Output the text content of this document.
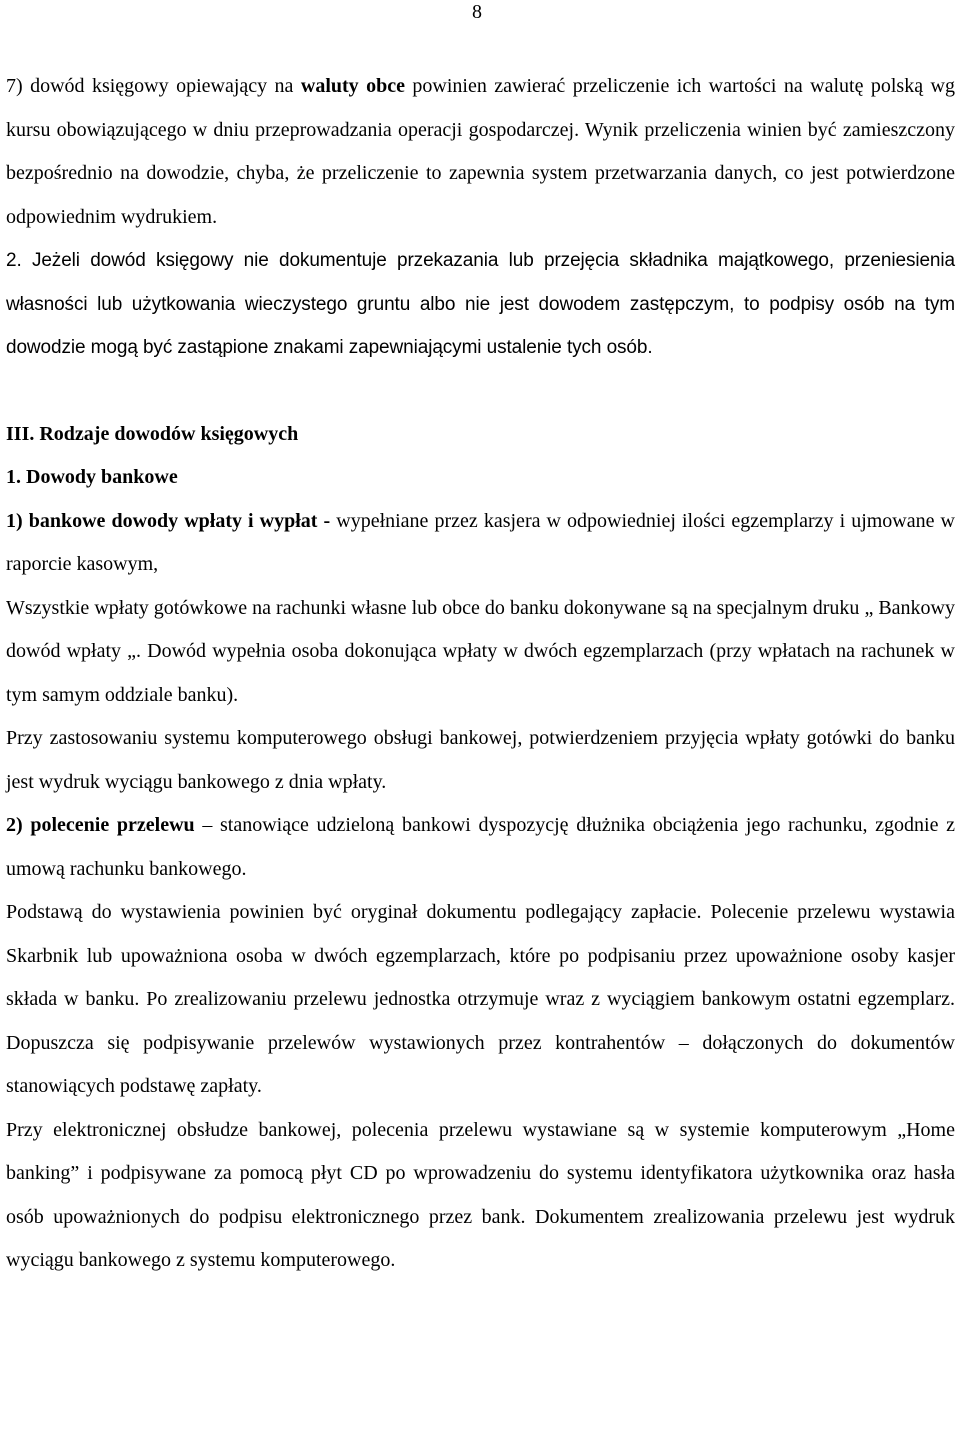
8

7) dowód księgowy opiewający na waluty obce powinien zawierać przeliczenie ich wartości na walutę polską wg kursu obowiązującego w dniu przeprowadzania operacji gospodarczej. Wynik przeliczenia winien być zamieszczony bezpośrednio na dowodzie, chyba, że przeliczenie to zapewnia system przetwarzania danych, co jest potwierdzone odpowiednim wydrukiem.

2. Jeżeli dowód księgowy nie dokumentuje przekazania lub przejęcia składnika majątkowego, przeniesienia własności lub użytkowania wieczystego gruntu albo nie jest dowodem zastępczym, to podpisy osób na tym dowodzie mogą być zastąpione znakami zapewniającymi ustalenie tych osób.

III. Rodzaje dowodów księgowych

1. Dowody bankowe

1) bankowe dowody wpłaty i wypłat - wypełniane przez kasjera w odpowiedniej ilości egzemplarzy i ujmowane w raporcie kasowym,

Wszystkie wpłaty gotówkowe na rachunki własne lub obce do banku dokonywane są na specjalnym druku „ Bankowy dowód wpłaty „. Dowód wypełnia osoba dokonująca wpłaty w dwóch egzemplarzach (przy wpłatach na rachunek w tym samym oddziale banku).

Przy zastosowaniu systemu komputerowego obsługi bankowej, potwierdzeniem przyjęcia wpłaty gotówki do banku jest wydruk wyciągu bankowego z dnia wpłaty.

2) polecenie przelewu – stanowiące udzieloną bankowi dyspozycję dłużnika obciążenia jego rachunku, zgodnie z umową rachunku bankowego.

Podstawą do wystawienia powinien być oryginał dokumentu podlegający zapłacie. Polecenie przelewu wystawia Skarbnik lub upoważniona osoba w dwóch egzemplarzach, które po podpisaniu przez upoważnione osoby kasjer składa w banku. Po zrealizowaniu przelewu jednostka otrzymuje wraz z wyciągiem bankowym ostatni egzemplarz. Dopuszcza się podpisywanie przelewów wystawionych przez kontrahentów – dołączonych do dokumentów stanowiących podstawę zapłaty.

Przy elektronicznej obsłudze bankowej, polecenia przelewu wystawiane są w systemie komputerowym „Home banking” i podpisywane za pomocą płyt CD po wprowadzeniu do systemu identyfikatora użytkownika oraz hasła osób upoważnionych do podpisu elektronicznego przez bank. Dokumentem zrealizowania przelewu jest wydruk wyciągu bankowego z systemu komputerowego.
